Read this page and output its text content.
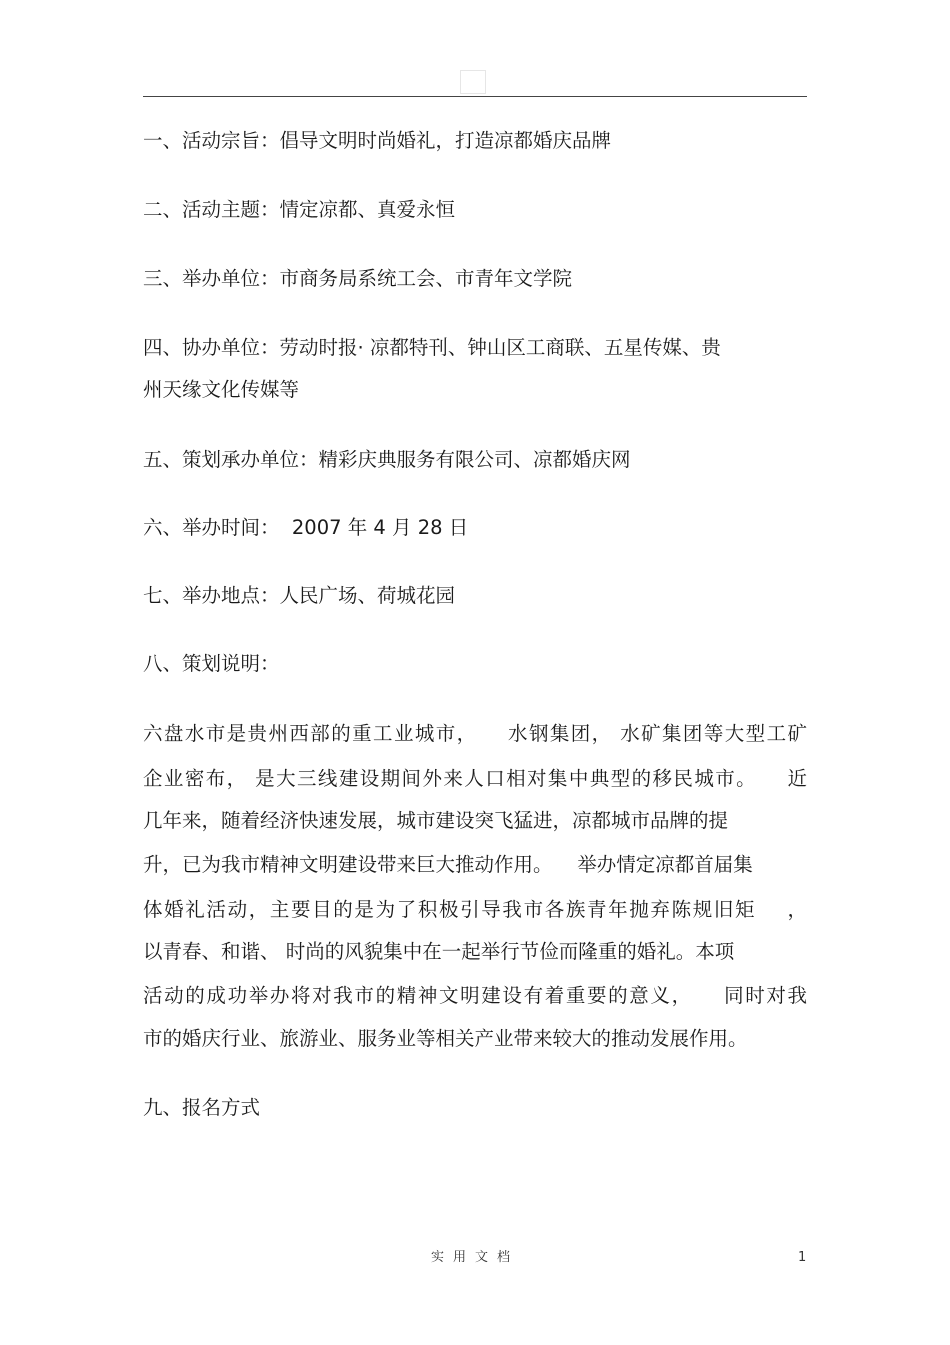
一、活动宗旨：倡导文明时尚婚礼，打造凉都婚庆品牌
二、活动主题：情定凉都、真爱永恒
三、举办单位：市商务局系统工会、市青年文学院
四、协办单位：劳动时报· 凉都特刊、钟山区工商联、五星传媒、贵
州天缘文化传媒等
五、策划承办单位：精彩庆典服务有限公司、凉都婚庆网
六、举办时间：  2007 年 4 月 28 日
七、举办地点：人民广场、荷城花园
八、策划说明：
六盘水市是贵州西部的重工业城市，    水钢集团， 水矿集团等大型工矿
企业密布， 是大三线建设期间外来人口相对集中典型的移民城市。    近
几年来，随着经济快速发展，城市建设突飞猛进，凉都城市品牌的提
升，已为我市精神文明建设带来巨大推动作用。    举办情定凉都首届集
体婚礼活动，主要目的是为了积极引导我市各族青年抛弃陈规旧矩    ，
以青春、和谐、 时尚的风貌集中在一起举行节俭而隆重的婚礼。本项
活动的成功举办将对我市的精神文明建设有着重要的意义，    同时对我
市的婚庆行业、旅游业、服务业等相关产业带来较大的推动发展作用。
九、报名方式
实用文档	1
